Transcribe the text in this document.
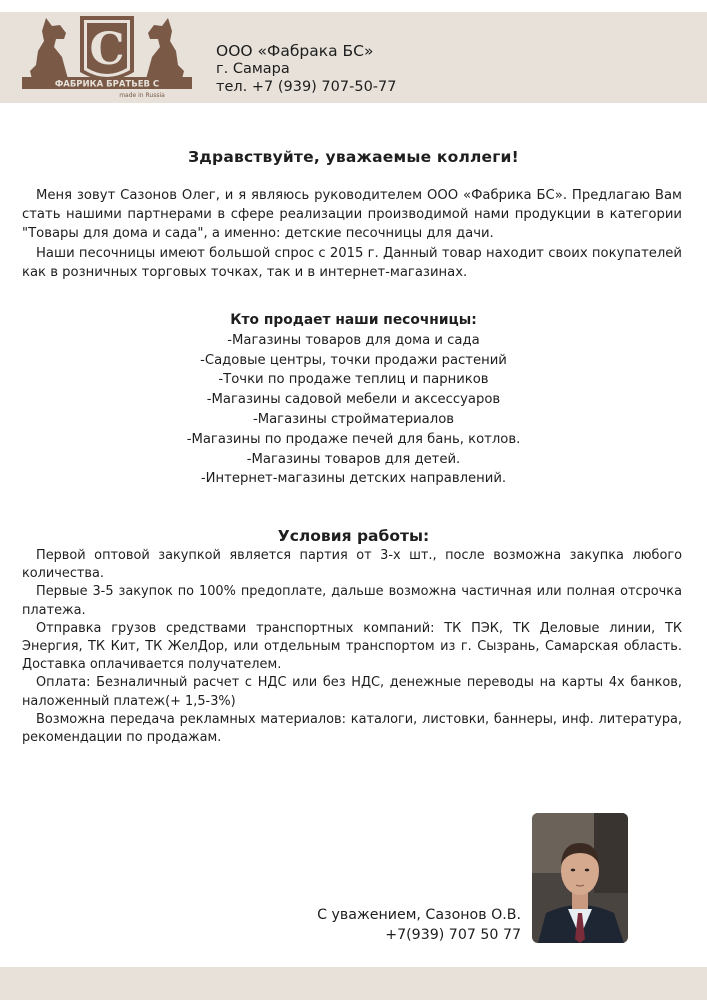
С
ФАБРИКА БРАТЬЕВ С
made in Russia
ООО «Фабрака БС»
г. Самара
тел. +7 (939) 707-50-77
Здравствуйте, уважаемые коллеги!

Меня зовут Сазонов Олег, и я являюсь руководителем ООО «Фабрика БС». Предлагаю Вам стать нашими партнерами в сфере реализации производимой нами продукции в категории "Товары для дома и сада", а именно: детские песочницы для дачи.

Наши песочницы имеют большой спрос с 2015 г. Данный товар находит своих покупателей как в розничных торговых точках, так и в интернет-магазинах.

Кто продает наши песочницы:
-Магазины товаров для дома и сада
-Садовые центры, точки продажи растений
-Точки по продаже теплиц и парников
-Магазины садовой мебели и аксессуаров
-Магазины стройматериалов
-Магазины по продаже печей для бань, котлов.
-Магазины товаров для детей.
-Интернет-магазины детских направлений.
Условия работы:

Первой оптовой закупкой является партия от 3-х шт., после возможна закупка любого количества.

Первые 3-5 закупок по 100% предоплате, дальше возможна частичная или полная отсрочка платежа.

Отправка грузов средствами транспортных компаний: ТК ПЭК, ТК Деловые линии, ТК Энергия, ТК Кит, ТК ЖелДор, или отдельным транспортом из г. Сызрань, Самарская область. Доставка оплачивается получателем.

Оплата: Безналичный расчет с НДС или без НДС, денежные переводы на карты 4х банков, наложенный платеж(+ 1,5-3%)

Возможна передача рекламных материалов: каталоги, листовки, баннеры, инф. литература, рекомендации по продажам.

С уважением, Сазонов О.В.
+7(939) 707 50 77
